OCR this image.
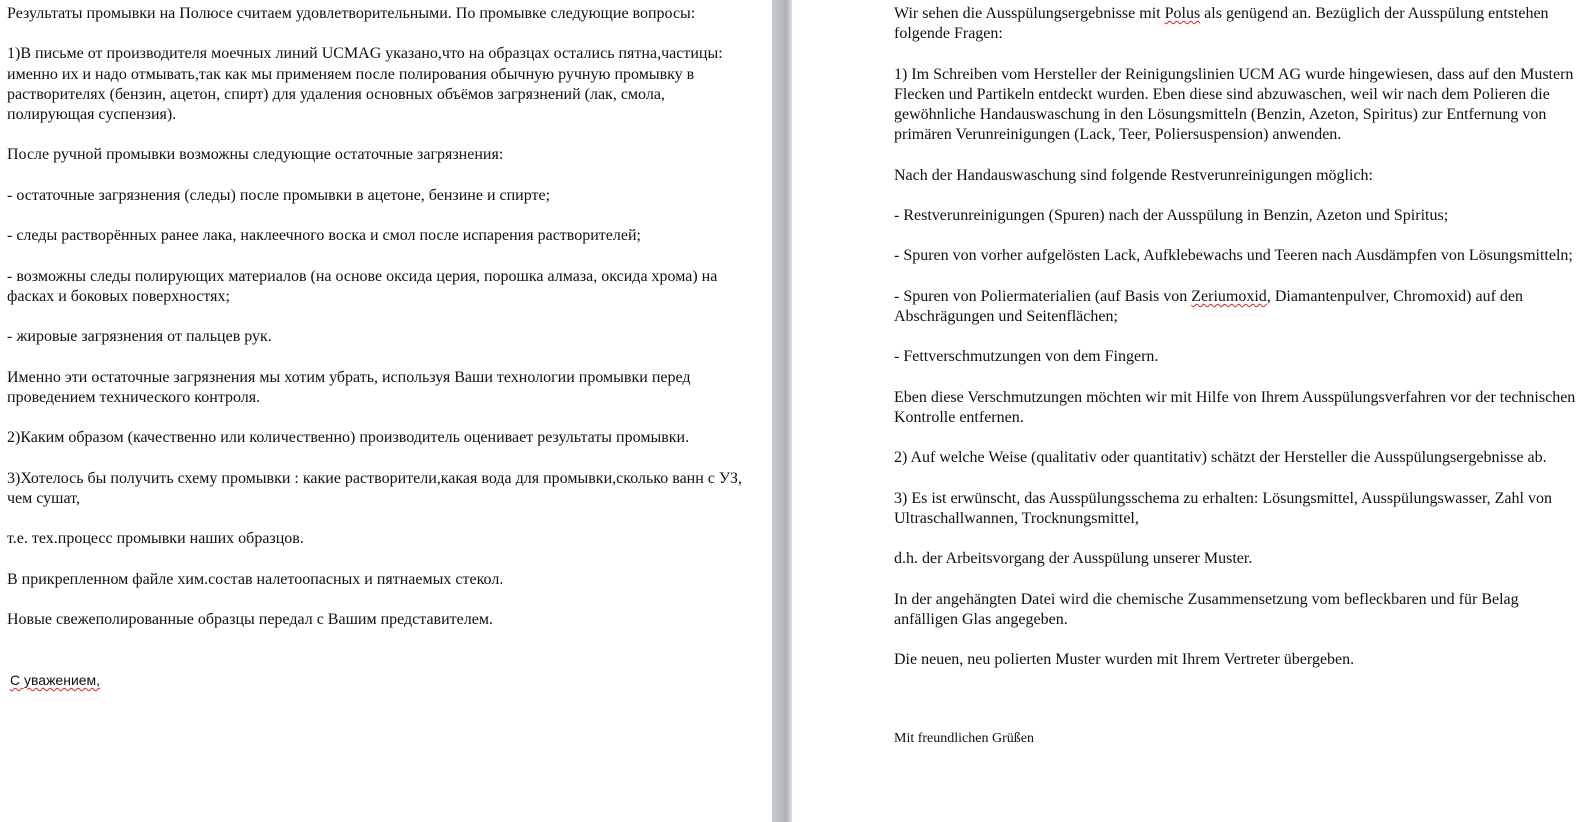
Результаты промывки на Полюсе считаем удовлетворительными. По промывке следующие вопросы:

1)В письме от производителя моечных линий UCMAG указано,что на образцах остались пятна,частицы: именно их и надо отмывать,так как мы применяем после полирования обычную ручную промывку в растворителях (бензин, ацетон, спирт) для удаления основных объёмов загрязнений (лак, смола, полирующая суспензия).

После ручной промывки возможны следующие остаточные загрязнения:

- остаточные загрязнения (следы) после промывки в ацетоне, бензине и спирте;

- следы растворённых ранее лака, наклеечного воска и смол после испарения растворителей;

- возможны следы полирующих материалов (на основе оксида церия, порошка алмаза, оксида хрома) на фасках и боковых поверхностях;

- жировые загрязнения от пальцев рук.

Именно эти остаточные загрязнения мы хотим убрать, используя Ваши технологии промывки перед проведением технического контроля.

2)Каким образом (качественно или количественно) производитель оценивает результаты промывки.

3)Хотелось бы получить схему промывки : какие растворители,какая вода для промывки,сколько ванн с УЗ, чем сушат,

т.е. тех.процесс промывки наших образцов.

В прикрепленном файле хим.состав налетоопасных и пятнаемых стекол.

Новые свежеполированные образцы передал с Вашим представителем.

С уважением,

Wir sehen die Ausspülungsergebnisse mit Polus als genügend an. Bezüglich der Ausspülung entstehen folgende Fragen:

1) Im Schreiben vom Hersteller der Reinigungslinien UCM AG wurde hingewiesen, dass auf den Mustern Flecken und Partikeln entdeckt wurden. Eben diese sind abzuwaschen, weil wir nach dem Polieren die gewöhnliche Handauswaschung in den Lösungsmitteln (Benzin, Azeton, Spiritus) zur Entfernung von primären Verunreinigungen (Lack, Teer, Poliersuspension) anwenden.

Nach der Handauswaschung sind folgende Restverunreinigungen möglich:

- Restverunreinigungen (Spuren) nach der Ausspülung in Benzin, Azeton und Spiritus;

- Spuren von vorher aufgelösten Lack, Aufklebewachs und Teeren nach Ausdämpfen von Lösungsmitteln;

- Spuren von Poliermaterialien (auf Basis von Zeriumoxid, Diamantenpulver, Chromoxid) auf den Abschrägungen und Seitenflächen;

- Fettverschmutzungen von dem Fingern.

Eben diese Verschmutzungen möchten wir mit Hilfe von Ihrem Ausspülungsverfahren vor der technischen Kontrolle entfernen.

2) Auf welche Weise (qualitativ oder quantitativ) schätzt der Hersteller die Ausspülungsergebnisse ab.

3) Es ist erwünscht, das Ausspülungsschema zu erhalten: Lösungsmittel, Ausspülungswasser, Zahl von Ultraschallwannen, Trocknungsmittel,

d.h. der Arbeitsvorgang der Ausspülung unserer Muster.

In der angehängten Datei wird die chemische Zusammensetzung vom befleckbaren und für Belag anfälligen Glas angegeben.

Die neuen, neu polierten Muster wurden mit Ihrem Vertreter übergeben.

Mit freundlichen Grüßen
